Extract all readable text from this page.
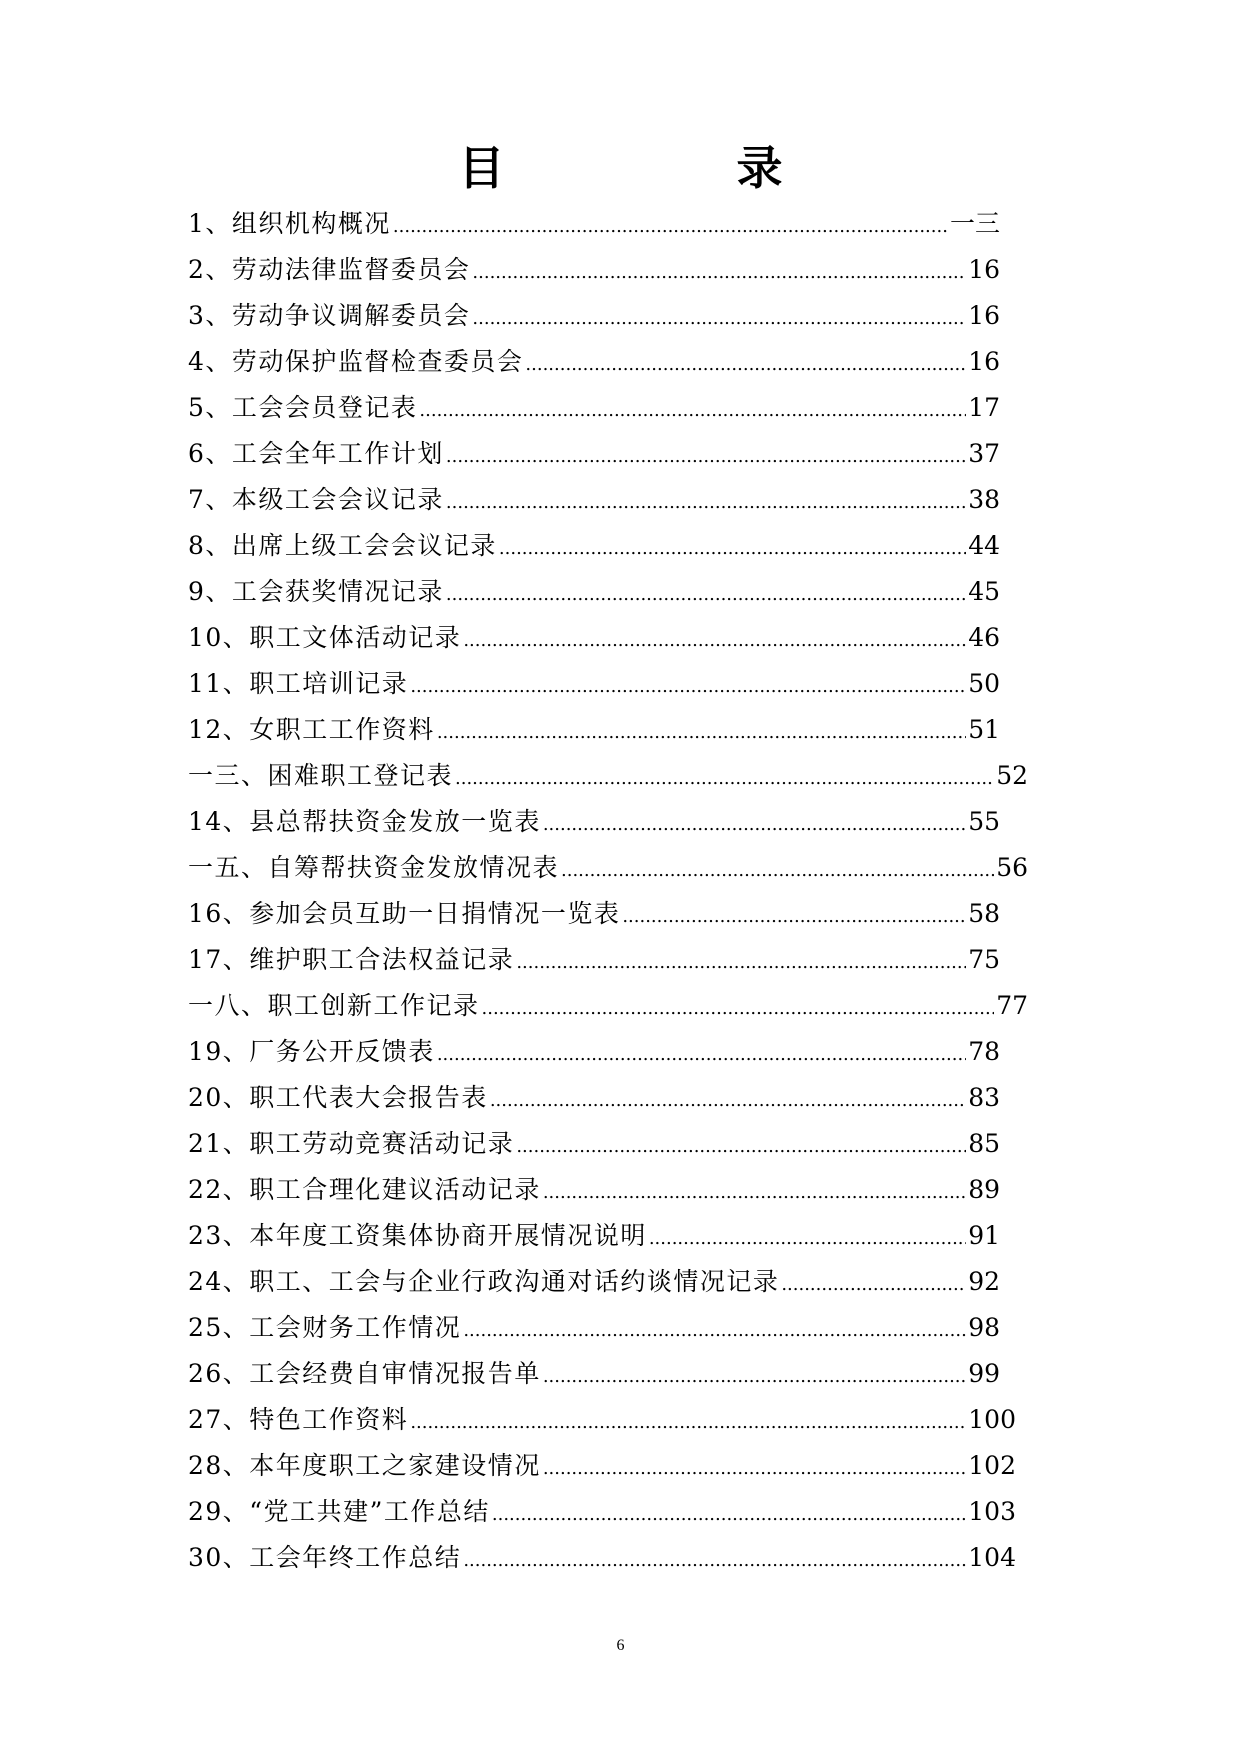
目 录
1、组织机构概况 .....	一三
2、劳动法律监督委员会 .....	16
3、劳动争议调解委员会 .....	16
4、劳动保护监督检查委员会 .....	16
5、工会会员登记表 .....	17
6、工会全年工作计划 .....	37
7、本级工会会议记录 .....	38
8、出席上级工会会议记录 .....	44
9、工会获奖情况记录 .....	45
10、职工文体活动记录 .....	46
11、职工培训记录 .....	50
12、女职工工作资料 .....	51
一三、困难职工登记表 .....	52
14、县总帮扶资金发放一览表 .....	55
一五、自筹帮扶资金发放情况表 .....	56
16、参加会员互助一日捐情况一览表 .....	58
17、维护职工合法权益记录 .....	75
一八、职工创新工作记录 .....	77
19、厂务公开反馈表 .....	78
20、职工代表大会报告表 .....	83
21、职工劳动竞赛活动记录 .....	85
22、职工合理化建议活动记录 .....	89
23、本年度工资集体协商开展情况说明 .....	91
24、职工、工会与企业行政沟通对话约谈情况记录 .....	92
25、工会财务工作情况 .....	98
26、工会经费自审情况报告单 .....	99
27、特色工作资料 .....	100
28、本年度职工之家建设情况 .....	102
29、“党工共建”工作总结 .....	103
30、工会年终工作总结 .....	104
6
